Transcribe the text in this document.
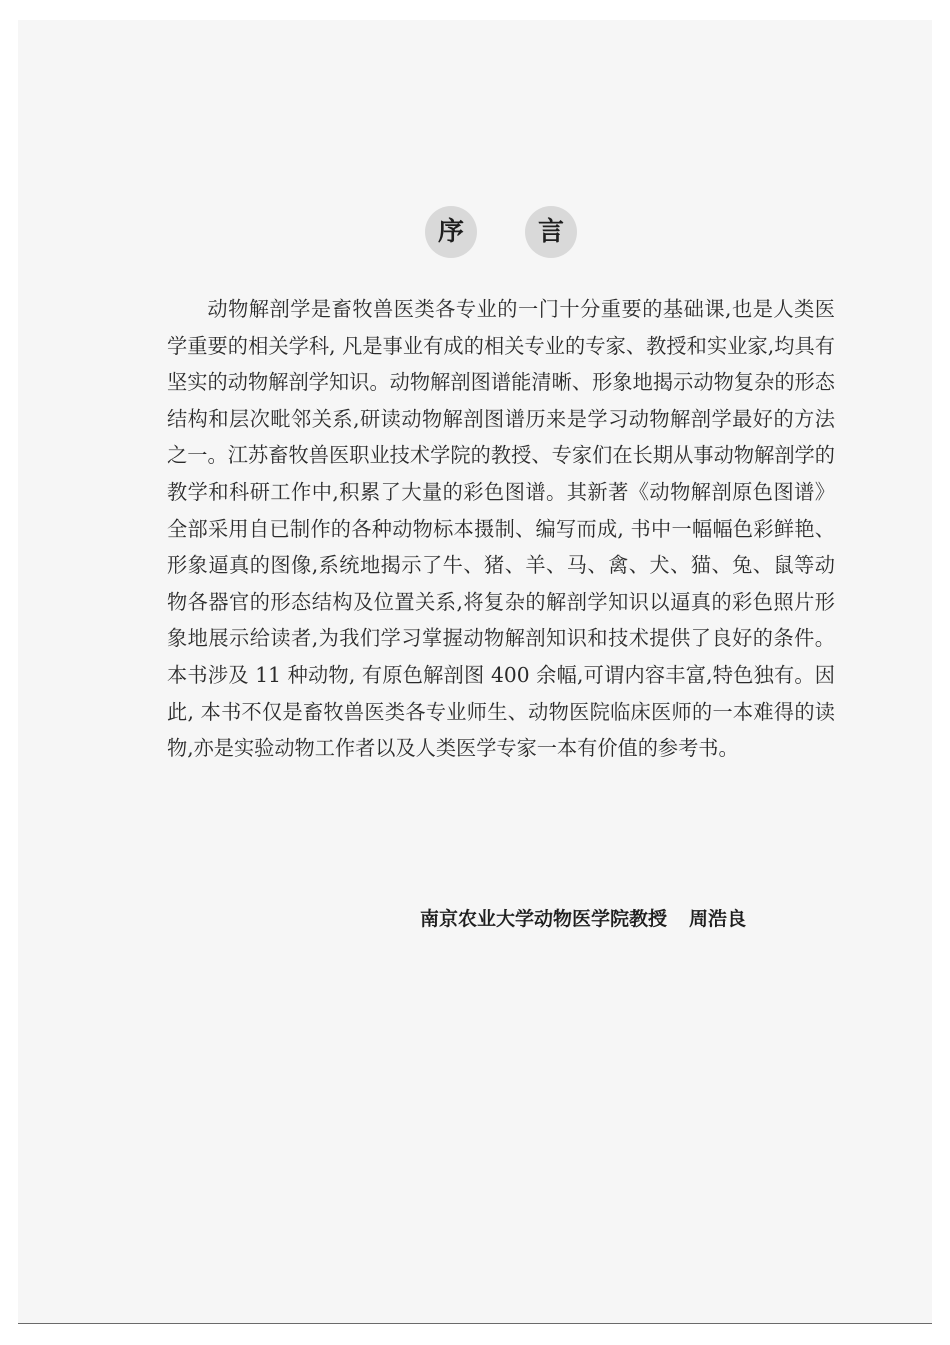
序	言

动物解剖学是畜牧兽医类各专业的一门十分重要的基础课,也是人类医学重要的相关学科, 凡是事业有成的相关专业的专家、教授和实业家,均具有坚实的动物解剖学知识。动物解剖图谱能清晰、形象地揭示动物复杂的形态结构和层次毗邻关系,研读动物解剖图谱历来是学习动物解剖学最好的方法之一。江苏畜牧兽医职业技术学院的教授、专家们在长期从事动物解剖学的教学和科研工作中,积累了大量的彩色图谱。其新著《动物解剖原色图谱》全部采用自已制作的各种动物标本摄制、编写而成, 书中一幅幅色彩鲜艳、形象逼真的图像,系统地揭示了牛、猪、羊、马、禽、犬、猫、兔、鼠等动物各器官的形态结构及位置关系,将复杂的解剖学知识以逼真的彩色照片形象地展示给读者,为我们学习掌握动物解剖知识和技术提供了良好的条件。本书涉及 11 种动物, 有原色解剖图 400 余幅,可谓内容丰富,特色独有。因此, 本书不仅是畜牧兽医类各专业师生、动物医院临床医师的一本难得的读物,亦是实验动物工作者以及人类医学专家一本有价值的参考书。

南京农业大学动物医学院教授 周浩良
